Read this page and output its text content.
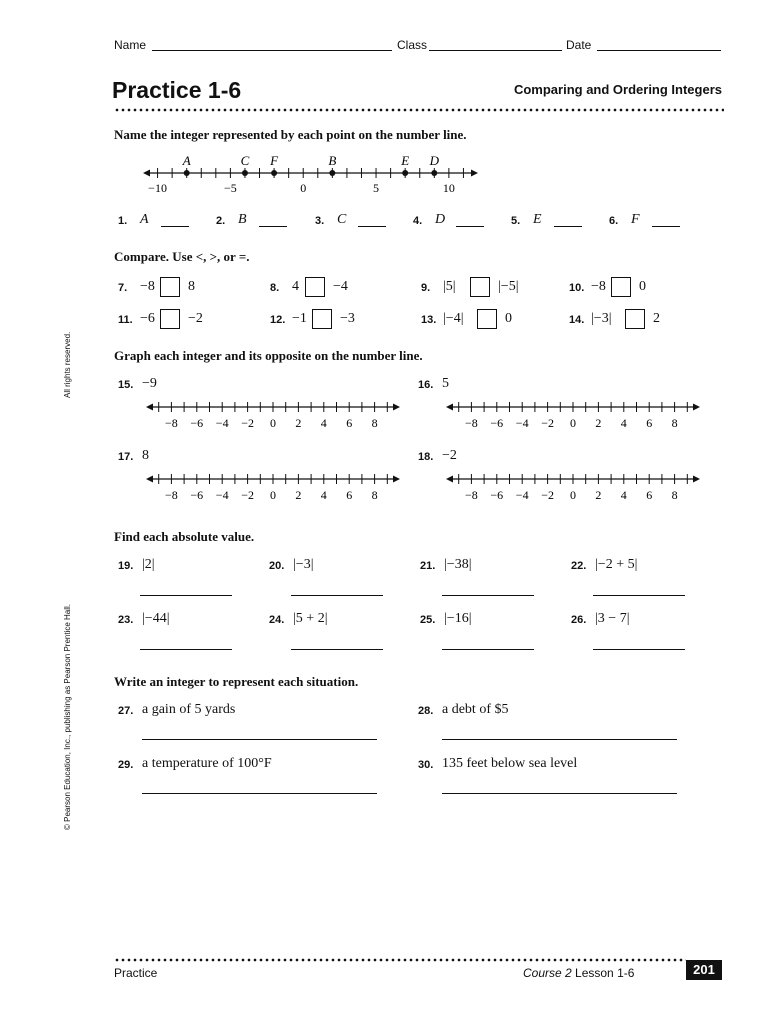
Name	Class	Date
Practice 1-6	Comparing and Ordering Integers
Name the integer represented by each point on the number line.
−10	−5	0	5	10
A	C F	B	E D
1. A	2. B	3. C	4. D	5. E	6. F
Compare. Use <, >, or =.
7. −8 8	8. 4 −4	9. |5|	|−5|	10. −8 0
11. −6 −2	12. −1 −3	13. |−4|	0	14. |−3|	2
Graph each integer and its opposite on the number line.
15. −9
−8 −6 −4 −2 0 2 4 6 8
16. 5
−8 −6 −4 −2 0 2 4 6 8
17. 8
−8 −6 −4 −2 0 2 4 6 8
18. −2
−8 −6 −4 −2 0 2 4 6 8
Find each absolute value.
19. |2|	20. |−3|	21. |−38|	22. |−2 + 5|
23. |−44|	24. |5 + 2|	25. |−16|	26. |3 − 7|
Write an integer to represent each situation.
27. a gain of 5 yards	28. a debt of $5
29. a temperature of 100°F	30. 135 feet below sea level
All rights reserved.
© Pearson Education, Inc., publishing as Pearson Prentice Hall.
Practice	Course 2 Lesson 1-6	201
